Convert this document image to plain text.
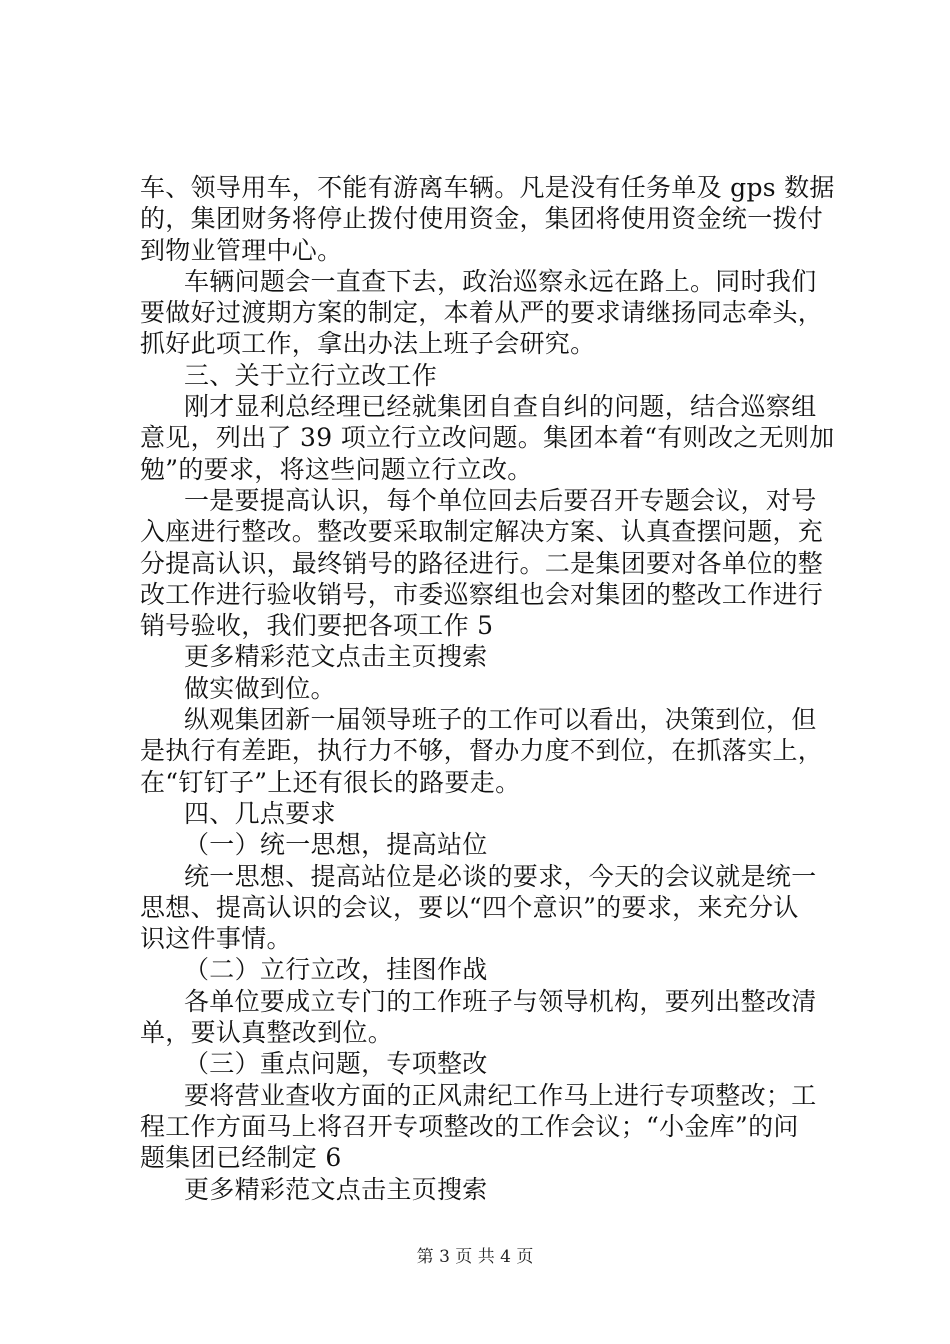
车、领导用车，不能有游离车辆。凡是没有任务单及 gps 数据
的，集团财务将停止拨付使用资金，集团将使用资金统一拨付
到物业管理中心。
车辆问题会一直查下去，政治巡察永远在路上。同时我们
要做好过渡期方案的制定，本着从严的要求请继扬同志牵头，
抓好此项工作，拿出办法上班子会研究。
三、关于立行立改工作
刚才显利总经理已经就集团自查自纠的问题，结合巡察组
意见，列出了 39 项立行立改问题。集团本着“有则改之无则加
勉”的要求，将这些问题立行立改。
一是要提高认识，每个单位回去后要召开专题会议，对号
入座进行整改。整改要采取制定解决方案、认真查摆问题，充
分提高认识，最终销号的路径进行。二是集团要对各单位的整
改工作进行验收销号，市委巡察组也会对集团的整改工作进行
销号验收，我们要把各项工作 5
更多精彩范文点击主页搜索
做实做到位。
纵观集团新一届领导班子的工作可以看出，决策到位，但
是执行有差距，执行力不够，督办力度不到位，在抓落实上，
在“钉钉子”上还有很长的路要走。
四、几点要求
（一）统一思想，提高站位
统一思想、提高站位是必谈的要求，今天的会议就是统一
思想、提高认识的会议，要以“四个意识”的要求，来充分认
识这件事情。
（二）立行立改，挂图作战
各单位要成立专门的工作班子与领导机构，要列出整改清
单，要认真整改到位。
（三）重点问题，专项整改
要将营业查收方面的正风肃纪工作马上进行专项整改；工
程工作方面马上将召开专项整改的工作会议；“小金库”的问
题集团已经制定 6
更多精彩范文点击主页搜索
第 3 页 共 4 页
